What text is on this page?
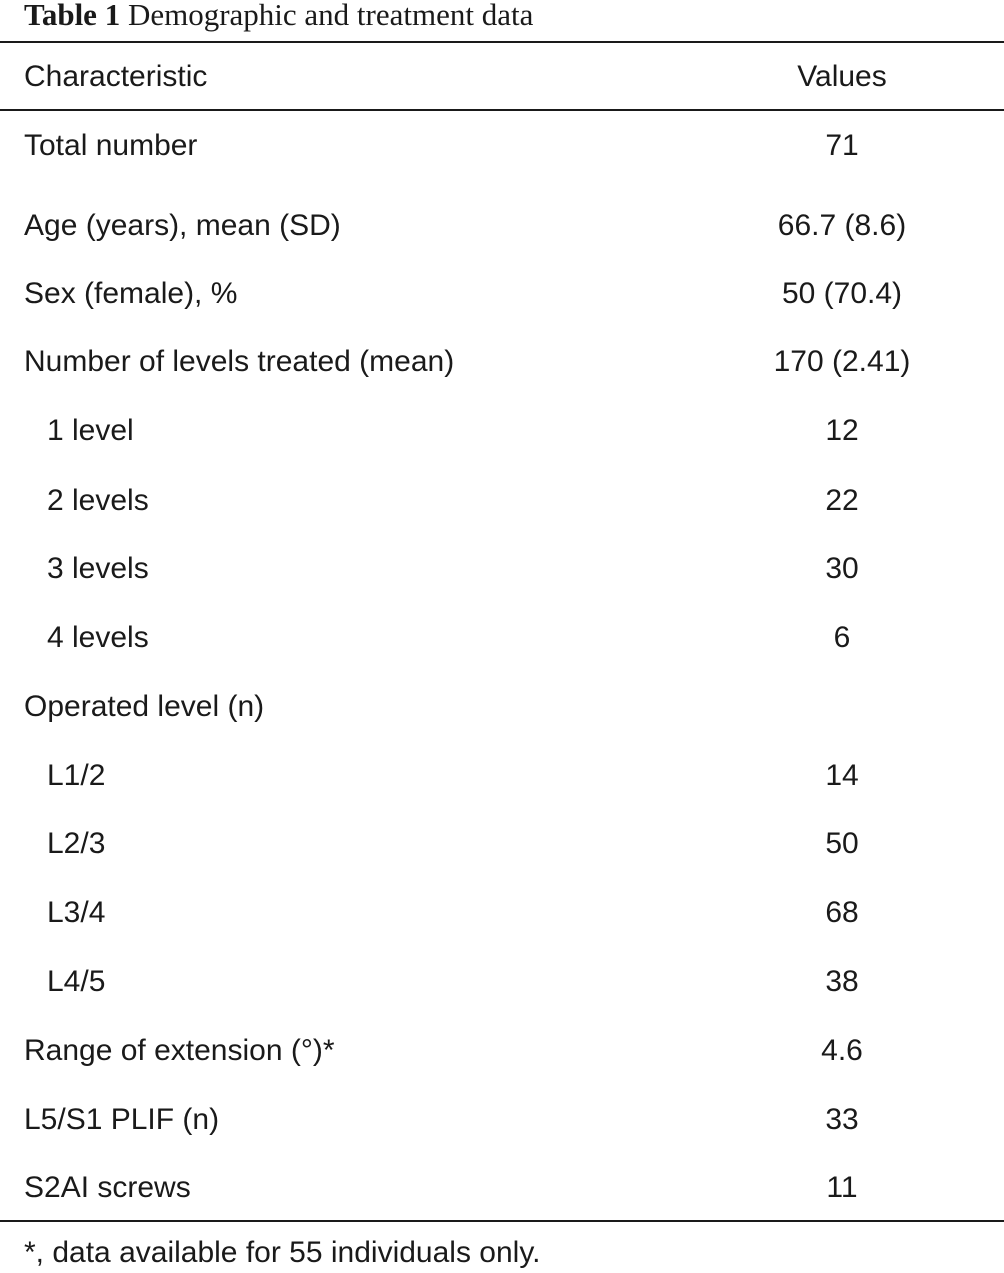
Table 1 Demographic and treatment data
Characteristic	Values
Total number	71
Age (years), mean (SD)	66.7 (8.6)
Sex (female), %	50 (70.4)
Number of levels treated (mean)	170 (2.41)
1 level	12
2 levels	22
3 levels	30
4 levels	6
Operated level (n)
L1/2	14
L2/3	50
L3/4	68
L4/5	38
Range of extension (°)*	4.6
L5/S1 PLIF (n)	33
S2AI screws	11
*, data available for 55 individuals only.
